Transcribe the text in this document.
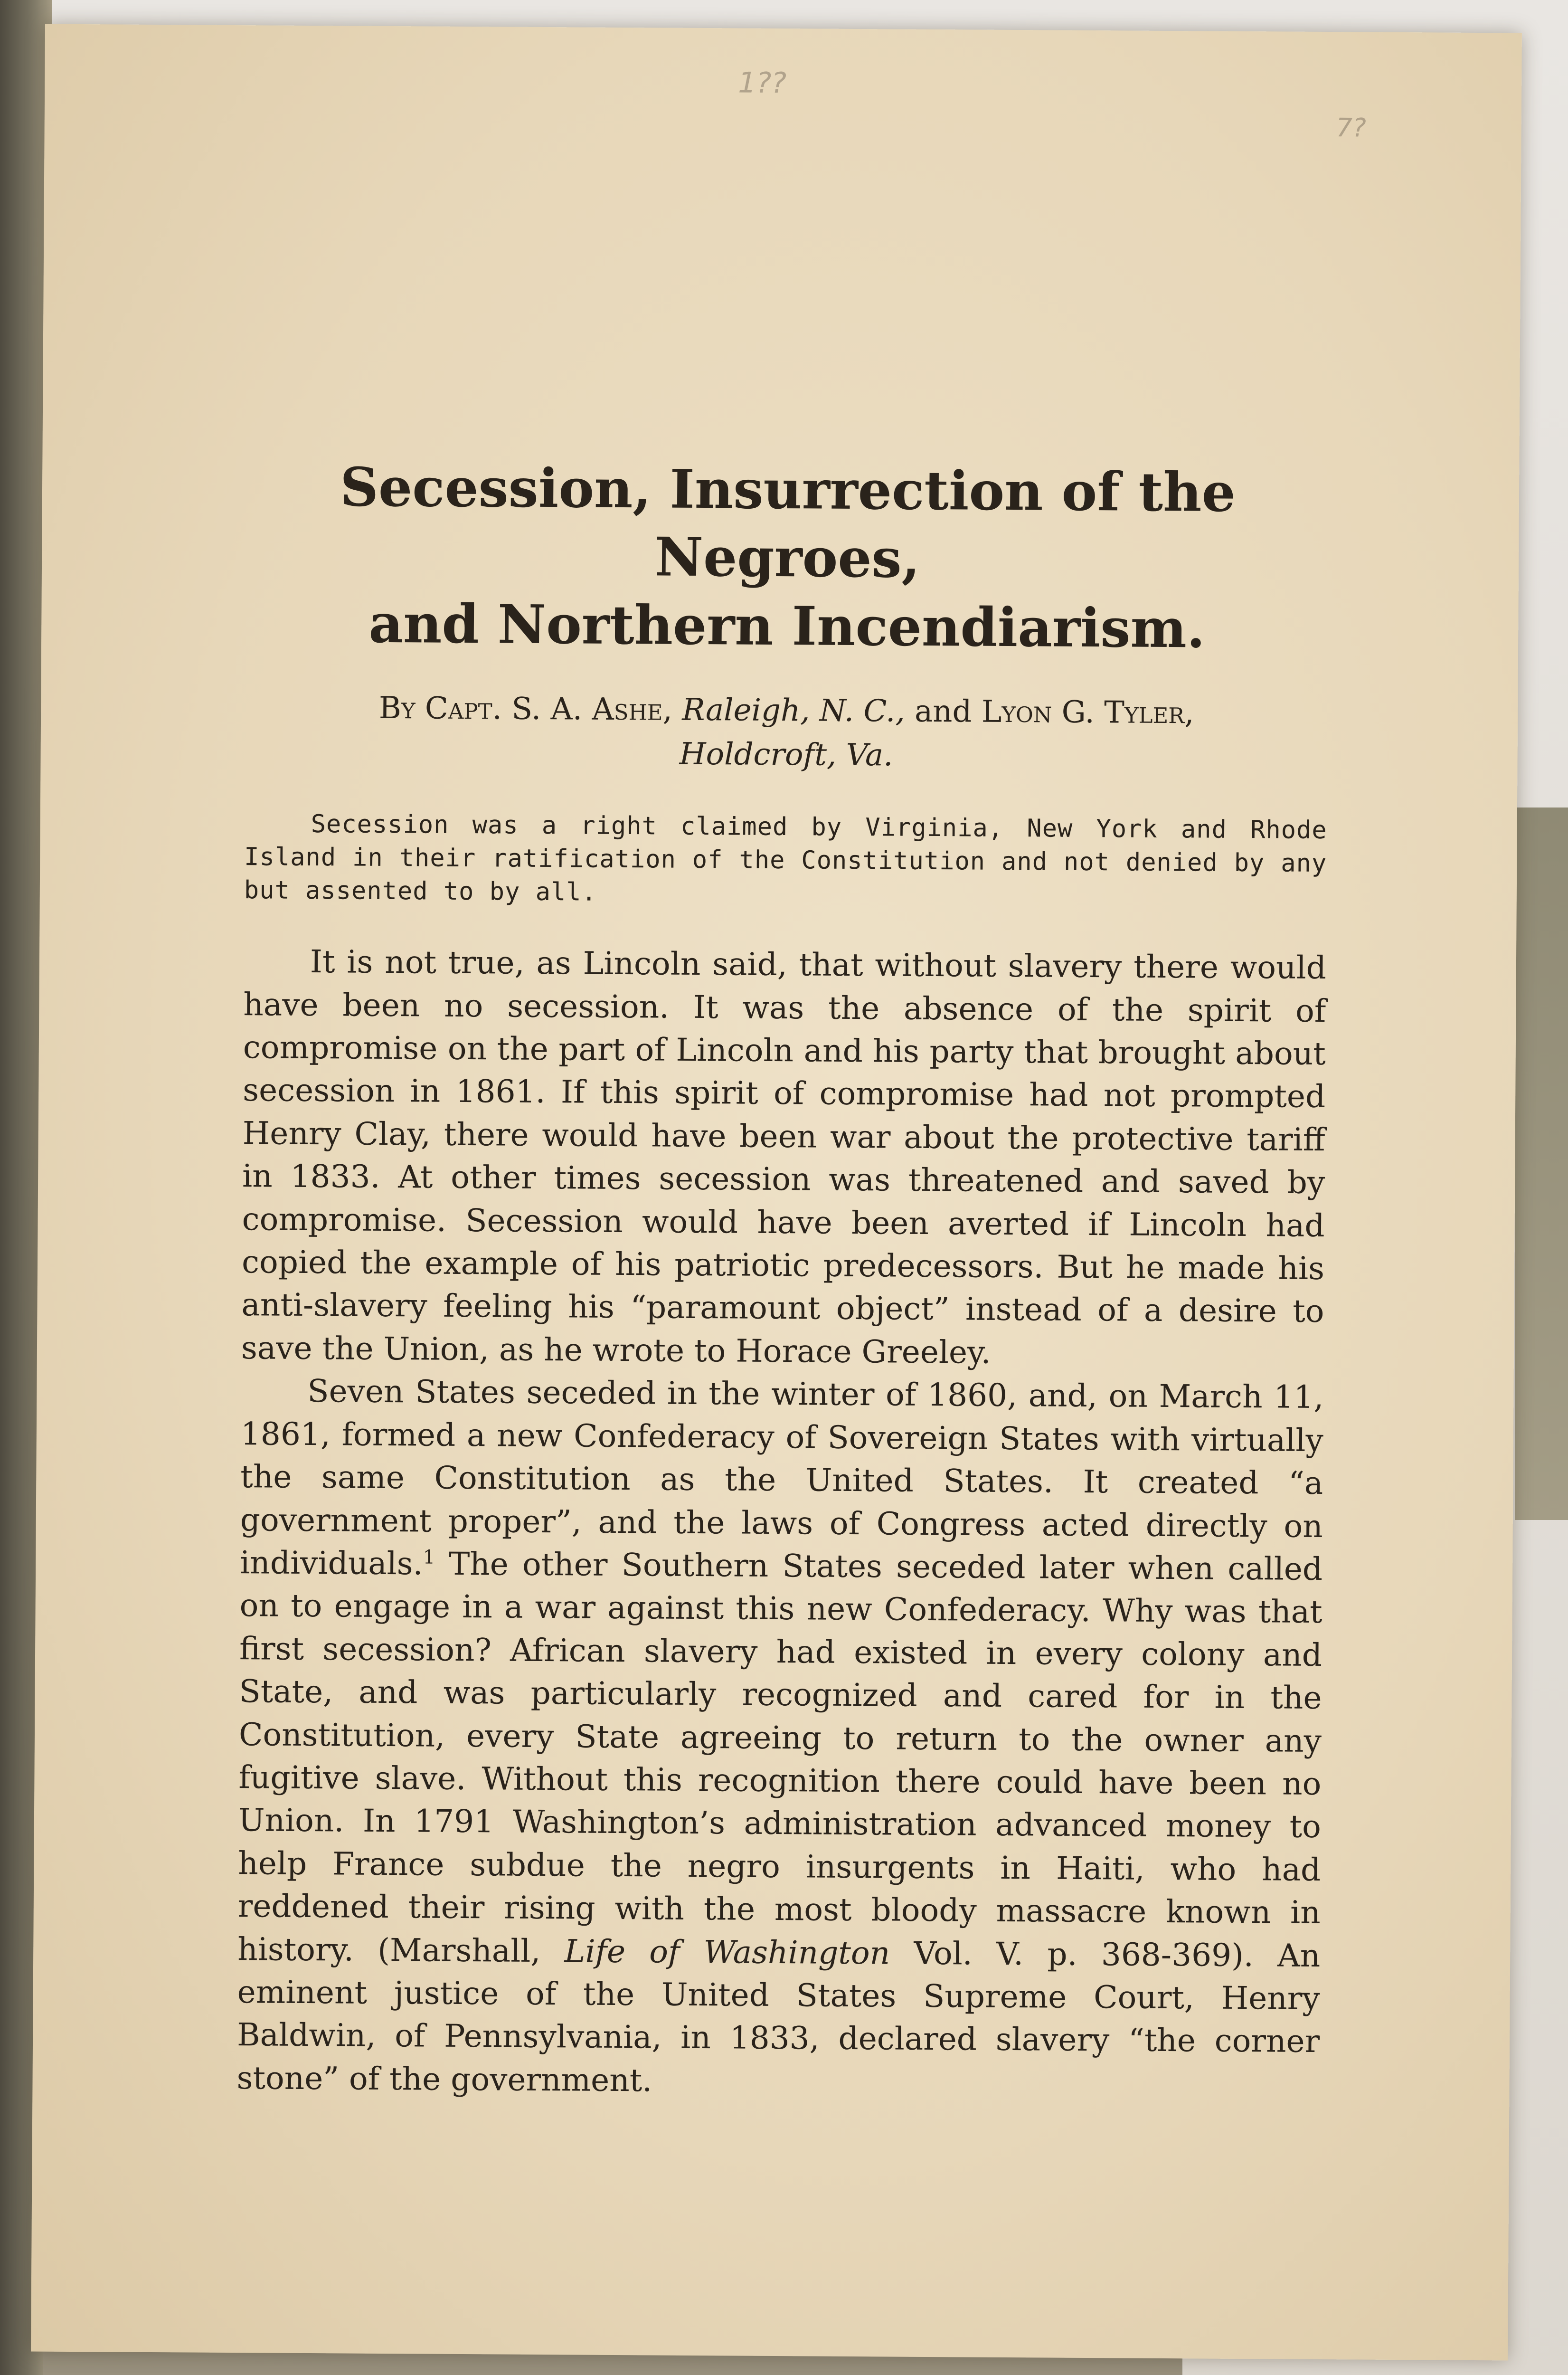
1??
7?
Secession, Insurrection of the Negroes,
and Northern Incendiarism.
By Capt. S. A. Ashe, Raleigh, N. C., and Lyon G. Tyler,
Holdcroft, Va.

Secession was a right claimed by Virginia, New York and Rhode Island in their ratification of the Constitution and not denied by any but assented to by all.

It is not true, as Lincoln said, that without slavery there would have been no secession. It was the absence of the spirit of compromise on the part of Lincoln and his party that brought about secession in 1861. If this spirit of compromise had not prompted Henry Clay, there would have been war about the protective tariff in 1833. At other times secession was threatened and saved by compromise. Secession would have been averted if Lincoln had copied the example of his patriotic predecessors. But he made his anti-slavery feeling his “paramount object” instead of a desire to save the Union, as he wrote to Horace Greeley.

Seven States seceded in the winter of 1860, and, on March 11, 1861, formed a new Confederacy of Sovereign States with virtually the same Constitution as the United States. It created “a government proper”, and the laws of Congress acted directly on individuals.$^1$ The other Southern States seceded later when called on to engage in a war against this new Confederacy. Why was that first secession? African slavery had existed in every colony and State, and was particularly recognized and cared for in the Constitution, every State agreeing to return to the owner any fugitive slave. Without this recognition there could have been no Union. In 1791 Washington’s administration advanced money to help France subdue the negro insurgents in Haiti, who had reddened their rising with the most bloody massacre known in history. (Marshall, Life of Washington Vol. V. p. 368-369). An eminent justice of the United States Supreme Court, Henry Baldwin, of Pennsylvania, in 1833, declared slavery “the corner stone” of the government.
